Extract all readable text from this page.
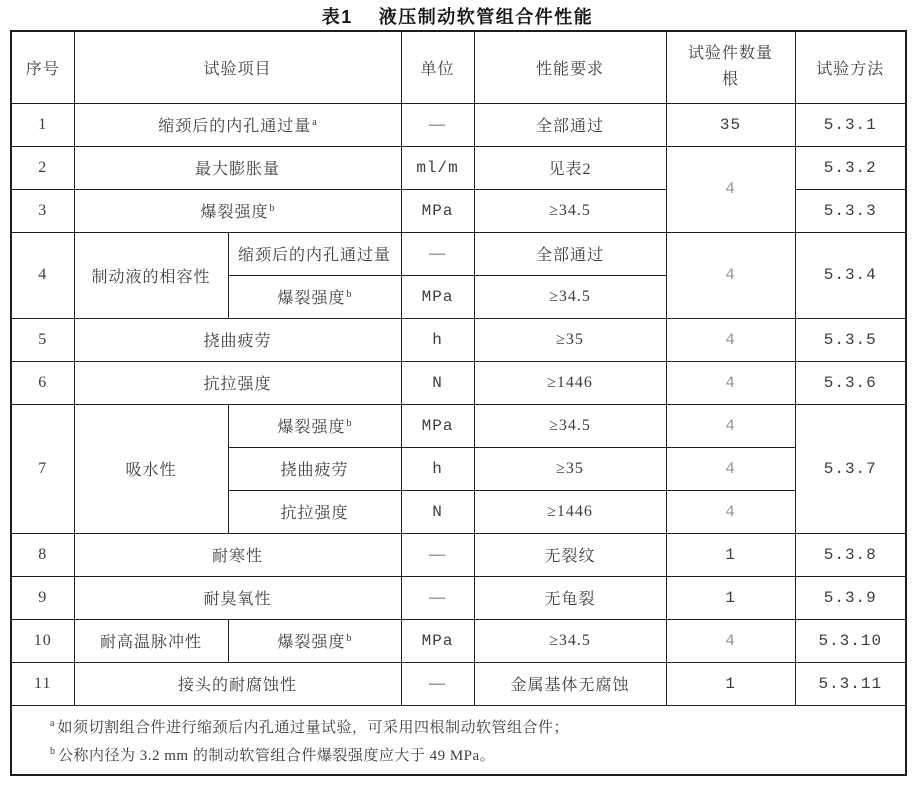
表1 液压制动软管组合件性能
序号	试验项目		单位	性能要求	试验件数量
根	试验方法
1	缩颈后的内孔通过量$^a$		—	全部通过	35	5.3.1
2	最大膨胀量		ml/m	见表2	4	5.3.2
3	爆裂强度$^b$		MPa	≥34.5		5.3.3
4	制动液的相容性	缩颈后的内孔通过量	—	全部通过	4	5.3.4
		爆裂强度$^b$	MPa	≥34.5		
5	挠曲疲劳		h	≥35	4	5.3.5
6	抗拉强度		N	≥1446	4	5.3.6
7	吸水性	爆裂强度$^b$	MPa	≥34.5	4	5.3.7
		挠曲疲劳	h	≥35	4	
		抗拉强度	N	≥1446	4	
8	耐寒性		—	无裂纹	1	5.3.8
9	耐臭氧性		—	无龟裂	1	5.3.9
10	耐高温脉冲性	爆裂强度$^b$	MPa	≥34.5	4	5.3.10
11	接头的耐腐蚀性		—	金属基体无腐蚀	1	5.3.11

$^a$ 如须切割组合件进行缩颈后内孔通过量试验，可采用四根制动软管组合件；
$^b$ 公称内径为 3.2 mm 的制动软管组合件爆裂强度应大于 49 MPa。						
